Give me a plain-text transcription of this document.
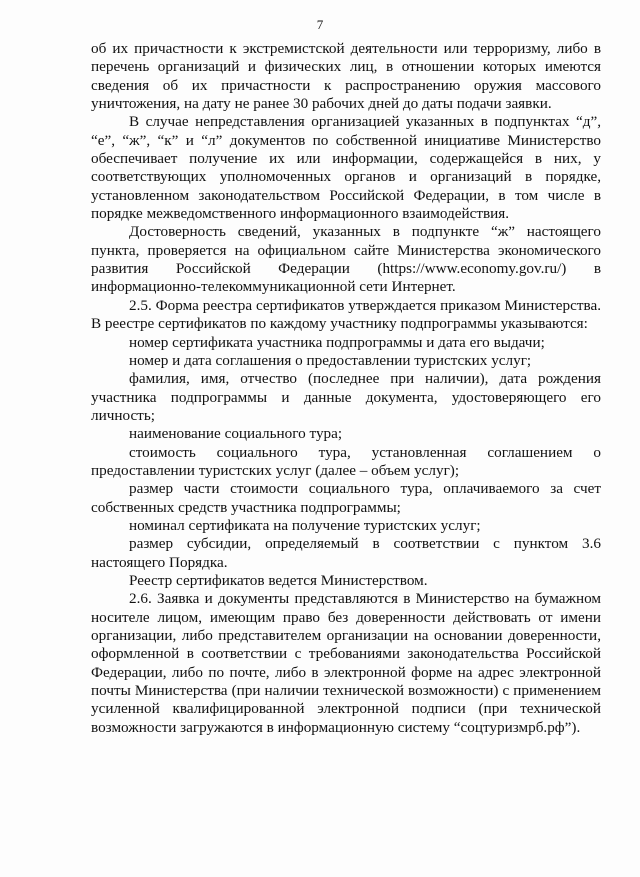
7

об их причастности к экстремистской деятельности или терроризму, либо в перечень организаций и физических лиц, в отношении которых имеются сведения об их причастности к распространению оружия массового уничтожения, на дату не ранее 30 рабочих дней до даты подачи заявки.

В случае непредставления организацией указанных в подпунктах “д”, “е”, “ж”, “к” и “л” документов по собственной инициативе Министерство обеспечивает получение их или информации, содержащейся в них, у соответствующих уполномоченных органов и организаций в порядке, установленном законодательством Российской Федерации, в том числе в порядке межведомственного информационного взаимодействия.

Достоверность сведений, указанных в подпункте “ж” настоящего пункта, проверяется на официальном сайте Министерства экономического развития Российской Федерации (https://www.economy.gov.ru/) в информационно-телекоммуникационной сети Интернет.

2.5. Форма реестра сертификатов утверждается приказом Министерства. В реестре сертификатов по каждому участнику подпрограммы указываются:

номер сертификата участника подпрограммы и дата его выдачи;

номер и дата соглашения о предоставлении туристских услуг;

фамилия, имя, отчество (последнее при наличии), дата рождения участника подпрограммы и данные документа, удостоверяющего его личность;

наименование социального тура;

стоимость социального тура, установленная соглашением о предоставлении туристских услуг (далее – объем услуг);

размер части стоимости социального тура, оплачиваемого за счет собственных средств участника подпрограммы;

номинал сертификата на получение туристских услуг;

размер субсидии, определяемый в соответствии с пунктом 3.6 настоящего Порядка.

Реестр сертификатов ведется Министерством.

2.6. Заявка и документы представляются в Министерство на бумажном носителе лицом, имеющим право без доверенности действовать от имени организации, либо представителем организации на основании доверенности, оформленной в соответствии с требованиями законодательства Российской Федерации, либо по почте, либо в электронной форме на адрес электронной почты Министерства (при наличии технической возможности) с применением усиленной квалифицированной электронной подписи (при технической возможности загружаются в информационную систему “соцтуризмрб.рф”).
